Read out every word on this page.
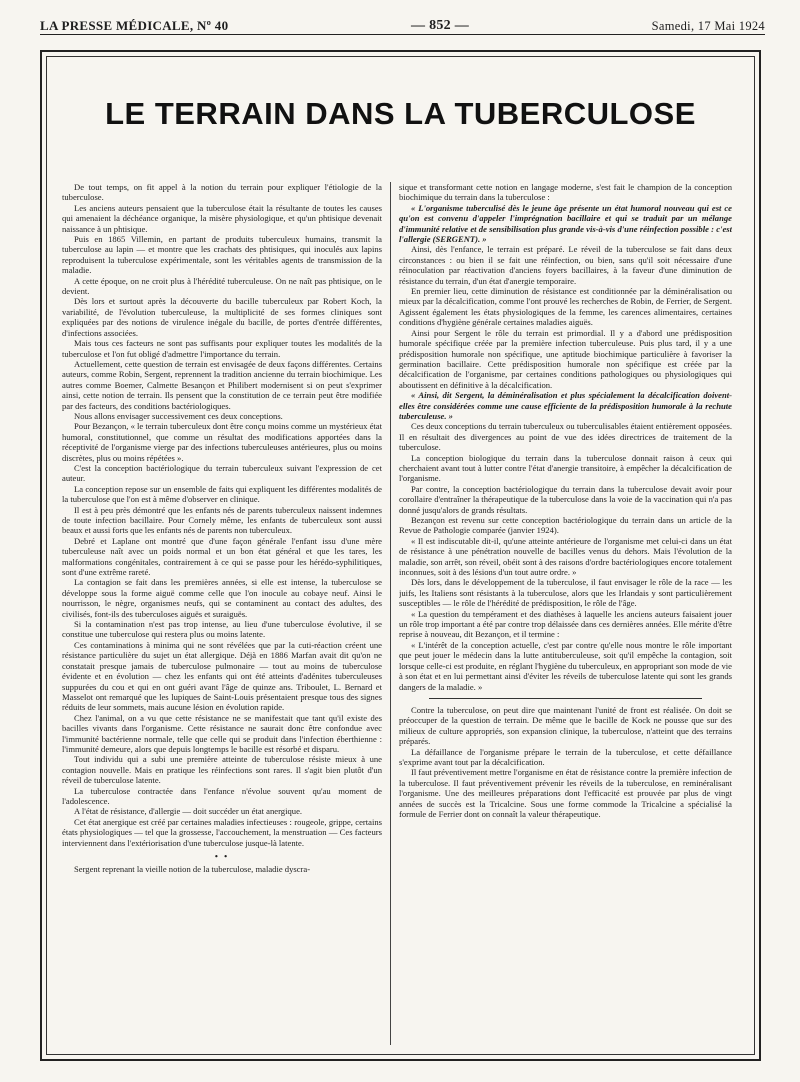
LA PRESSE MÉDICALE, Nº 40	— 852 —	Samedi, 17 Mai 1924
LE TERRAIN DANS LA TUBERCULOSE

De tout temps, on fit appel à la notion du terrain pour expliquer l'étiologie de la tuberculose.

Les anciens auteurs pensaient que la tuberculose était la résultante de toutes les causes qui amenaient la déchéance organique, la misère physiologique, et qu'un phtisique devenait naissance à un phtisique.

Puis en 1865 Villemin, en partant de produits tuberculeux humains, transmit la tuberculose au lapin — et montre que les crachats des phtisiques, qui inoculés aux lapins reproduisent la tuberculose expérimentale, sont les véritables agents de transmission de la maladie.

A cette époque, on ne croit plus à l'hérédité tuberculeuse. On ne naît pas phtisique, on le devient.

Dès lors et surtout après la découverte du bacille tuberculeux par Robert Koch, la variabilité, de l'évolution tuberculeuse, la multiplicité de ses formes cliniques sont expliquées par des notions de virulence inégale du bacille, de portes d'entrée différentes, d'infections associées.

Mais tous ces facteurs ne sont pas suffisants pour expliquer toutes les modalités de la tuberculose et l'on fut obligé d'admettre l'importance du terrain.

Actuellement, cette question de terrain est envisagée de deux façons différentes. Certains auteurs, comme Robin, Sergent, reprennent la tradition ancienne du terrain biochimique. Les autres comme Boemer, Calmette Besançon et Philibert modernisent si on peut s'exprimer ainsi, cette notion de terrain. Ils pensent que la constitution de ce terrain peut être modifiée par des facteurs, des conditions bactériologiques.

Nous allons envisager successivement ces deux conceptions.

Pour Bezançon, « le terrain tuberculeux dont être conçu moins comme un mystérieux état humoral, constitutionnel, que comme un résultat des modifications apportées dans la réceptivité de l'organisme vierge par des infections tuberculeuses antérieures, plus ou moins discrètes, plus ou moins répétées ».

C'est la conception bactériologique du terrain tuberculeux suivant l'expression de cet auteur.

La conception repose sur un ensemble de faits qui expliquent les différentes modalités de la tuberculose que l'on est à même d'observer en clinique.

Il est à peu près démontré que les enfants nés de parents tuberculeux naissent indemnes de toute infection bacillaire. Pour Cornely même, les enfants de tuberculeux sont aussi beaux et aussi forts que les enfants nés de parents non tuberculeux.

Debré et Laplane ont montré que d'une façon générale l'enfant issu d'une mère tuberculeuse naît avec un poids normal et un bon état général et que les tares, les malformations congénitales, contrairement à ce qui se passe pour les hérédo-syphilitiques, sont d'une extrême rareté.

La contagion se fait dans les premières années, si elle est intense, la tuberculose se développe sous la forme aiguë comme celle que l'on inocule au cobaye neuf. Ainsi le nourrisson, le nègre, organismes neufs, qui se contaminent au contact des adultes, des civilisés, font-ils des tuberculoses aiguës et suraiguës.

Si la contamination n'est pas trop intense, au lieu d'une tuberculose évolutive, il se constitue une tuberculose qui restera plus ou moins latente.

Ces contaminations à minima qui ne sont révélées que par la cuti-réaction créent une résistance particulière du sujet un état allergique. Déjà en 1886 Marfan avait dit qu'on ne constatait presque jamais de tuberculose pulmonaire — tout au moins de tuberculose évidente et en évolution — chez les enfants qui ont été atteints d'adénites tuberculeuses suppurées du cou et qui en ont guéri avant l'âge de quinze ans. Triboulet, L. Bernard et Masselot ont remarqué que les lupiques de Saint-Louis présentaient presque tous des signes réduits de leur sommets, mais aucune lésion en évolution rapide.

Chez l'animal, on a vu que cette résistance ne se manifestait que tant qu'il existe des bacilles vivants dans l'organisme. Cette résistance ne saurait donc être confondue avec l'immunité bactérienne normale, telle que celle qui se produit dans l'infection éberthienne : l'immunité demeure, alors que depuis longtemps le bacille est résorbé et disparu.

Tout individu qui a subi une première atteinte de tuberculose résiste mieux à une contagion nouvelle. Mais en pratique les réinfections sont rares. Il s'agit bien plutôt d'un réveil de tuberculose latente.

La tuberculose contractée dans l'enfance n'évolue souvent qu'au moment de l'adolescence.

A l'état de résistance, d'allergie — doit succéder un état anergique.

Cet état anergique est créé par certaines maladies infectieuses : rougeole, grippe, certains états physiologiques — tel que la grossesse, l'accouchement, la menstruation — Ces facteurs interviennent dans l'extériorisation d'une tuberculose jusque-là latente.

• •

Sergent reprenant la vieille notion de la tuberculose, maladie dyscra-

sique et transformant cette notion en langage moderne, s'est fait le champion de la conception biochimique du terrain dans la tuberculose :

« L'organisme tuberculisé dès le jeune âge présente un état humoral nouveau qui est ce qu'on est convenu d'appeler l'imprégnation bacillaire et qui se traduit par un mélange d'immunité relative et de sensibilisation plus grande vis-à-vis d'une réinfection possible : c'est l'allergie (SERGENT). »

Ainsi, dès l'enfance, le terrain est préparé. Le réveil de la tuberculose se fait dans deux circonstances : ou bien il se fait une réinfection, ou bien, sans qu'il soit nécessaire d'une réinoculation par réactivation d'anciens foyers bacillaires, à la faveur d'une diminution de résistance du terrain, d'un état d'anergie temporaire.

En premier lieu, cette diminution de résistance est conditionnée par la déminéralisation ou mieux par la décalcification, comme l'ont prouvé les recherches de Robin, de Ferrier, de Sergent. Agissent également les états physiologiques de la femme, les carences alimentaires, certaines conditions d'hygiène générale certaines maladies aiguës.

Ainsi pour Sergent le rôle du terrain est primordial. Il y a d'abord une prédisposition humorale spécifique créée par la première infection tuberculeuse. Puis plus tard, il y a une prédisposition humorale non spécifique, une aptitude biochimique particulière à favoriser la germination bacillaire. Cette prédisposition humorale non spécifique est créée par la décalcification de l'organisme, par certaines conditions pathologiques ou physiologiques qui aboutissent en définitive à la décalcification.

« Ainsi, dit Sergent, la déminéralisation et plus spécialement la décalcification doivent-elles être considérées comme une cause efficiente de la prédisposition humorale à la rechute tuberculeuse. »

Ces deux conceptions du terrain tuberculeux ou tuberculisables étaient entièrement opposées. Il en résultait des divergences au point de vue des idées directrices de traitement de la tuberculose.

La conception biologique du terrain dans la tuberculose donnait raison à ceux qui cherchaient avant tout à lutter contre l'état d'anergie transitoire, à empêcher la décalcification de l'organisme.

Par contre, la conception bactériologique du terrain dans la tuberculose devait avoir pour corollaire d'entraîner la thérapeutique de la tuberculose dans la voie de la vaccination qui n'a pas donné jusqu'alors de grands résultats.

Bezançon est revenu sur cette conception bactériologique du terrain dans un article de la Revue de Pathologie comparée (janvier 1924).

« Il est indiscutable dit-il, qu'une atteinte antérieure de l'organisme met celui-ci dans un état de résistance à une pénétration nouvelle de bacilles venus du dehors. Mais l'évolution de la maladie, son arrêt, son réveil, obéit sont à des raisons d'ordre bactériologiques encore totalement inconnues, soit à des lésions d'un tout autre ordre. »

Dès lors, dans le développement de la tuberculose, il faut envisager le rôle de la race — les juifs, les Italiens sont résistants à la tuberculose, alors que les Irlandais y sont particulièrement susceptibles — le rôle de l'hérédité de prédisposition, le rôle de l'âge.

« La question du tempérament et des diathèses à laquelle les anciens auteurs faisaient jouer un rôle trop important a été par contre trop délaissée dans ces dernières années. Elle mérite d'être reprise à nouveau, dit Bezançon, et il termine :

« L'intérêt de la conception actuelle, c'est par contre qu'elle nous montre le rôle important que peut jouer le médecin dans la lutte antituberculeuse, soit qu'il empêche la contagion, soit lorsque celle-ci est produite, en réglant l'hygiène du tuberculeux, en appropriant son mode de vie à son état et en lui permettant ainsi d'éviter les réveils de tuberculose latente qui sont les grands dangers de la maladie. »

Contre la tuberculose, on peut dire que maintenant l'unité de front est réalisée. On doit se préoccuper de la question de terrain. De même que le bacille de Kock ne pousse que sur des milieux de culture appropriés, son expansion clinique, la tuberculose, n'atteint que des terrains préparés.

La défaillance de l'organisme prépare le terrain de la tuberculose, et cette défaillance s'exprime avant tout par la décalcification.

Il faut préventivement mettre l'organisme en état de résistance contre la première infection de la tuberculose. Il faut préventivement prévenir les réveils de la tuberculose, en reminéralisant l'organisme. Une des meilleures préparations dont l'efficacité est prouvée par plus de vingt années de succès est la Tricalcine. Sous une forme commode la Tricalcine a spécialisé la formule de Ferrier dont on connaît la valeur thérapeutique.
